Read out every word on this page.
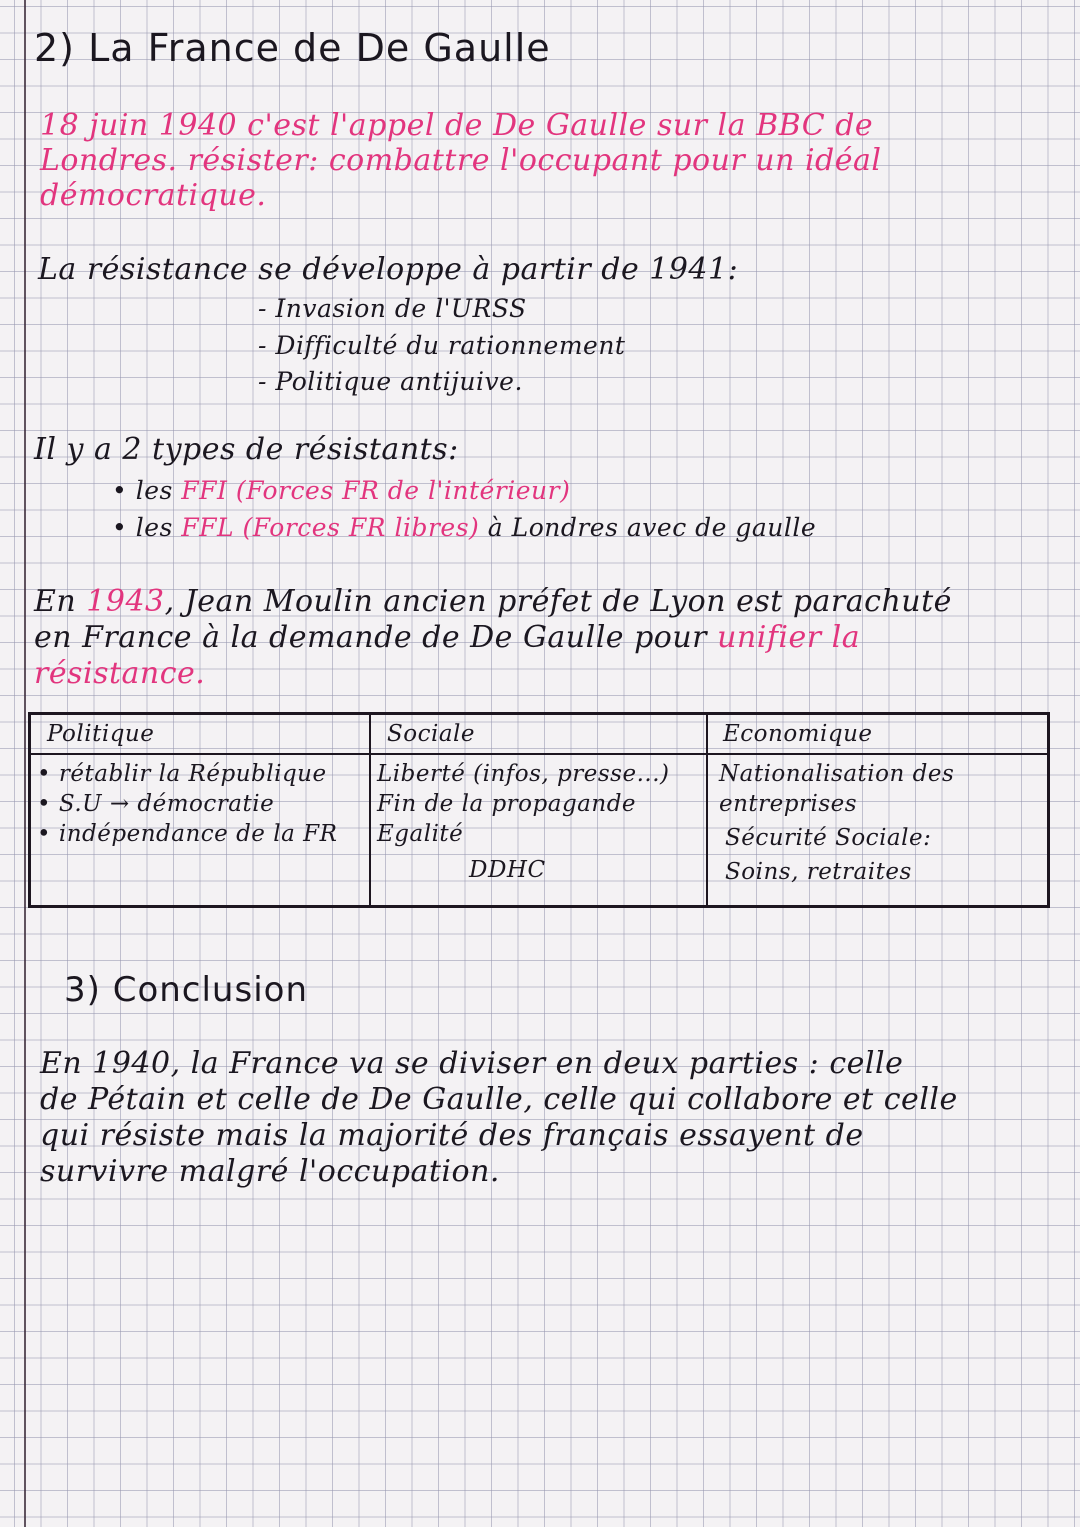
2) La France de De Gaulle
18 juin 1940 c'est l'appel de De Gaulle sur la BBC de
Londres. résister: combattre l'occupant pour un idéal
démocratique.
La résistance se développe à partir de 1941:
- Invasion de l'URSS
- Difficulté du rationnement
- Politique antijuive.
Il y a 2 types de résistants:
• les FFI (Forces FR de l'intérieur)
• les FFL (Forces FR libres) à Londres avec de gaulle
En 1943, Jean Moulin ancien préfet de Lyon est parachuté
en France à la demande de De Gaulle pour unifier la
résistance.
Politique	Sociale	Economique
• rétablir la République
• S.U → démocratie
• indépendance de la FR
Liberté (infos, presse...)
Fin de la propagande
Egalité
DDHC
Nationalisation des
entreprises
Sécurité Sociale:
Soins, retraites
3) Conclusion
En 1940, la France va se diviser en deux parties : celle
de Pétain et celle de De Gaulle, celle qui collabore et celle
qui résiste mais la majorité des français essayent de
survivre malgré l'occupation.
